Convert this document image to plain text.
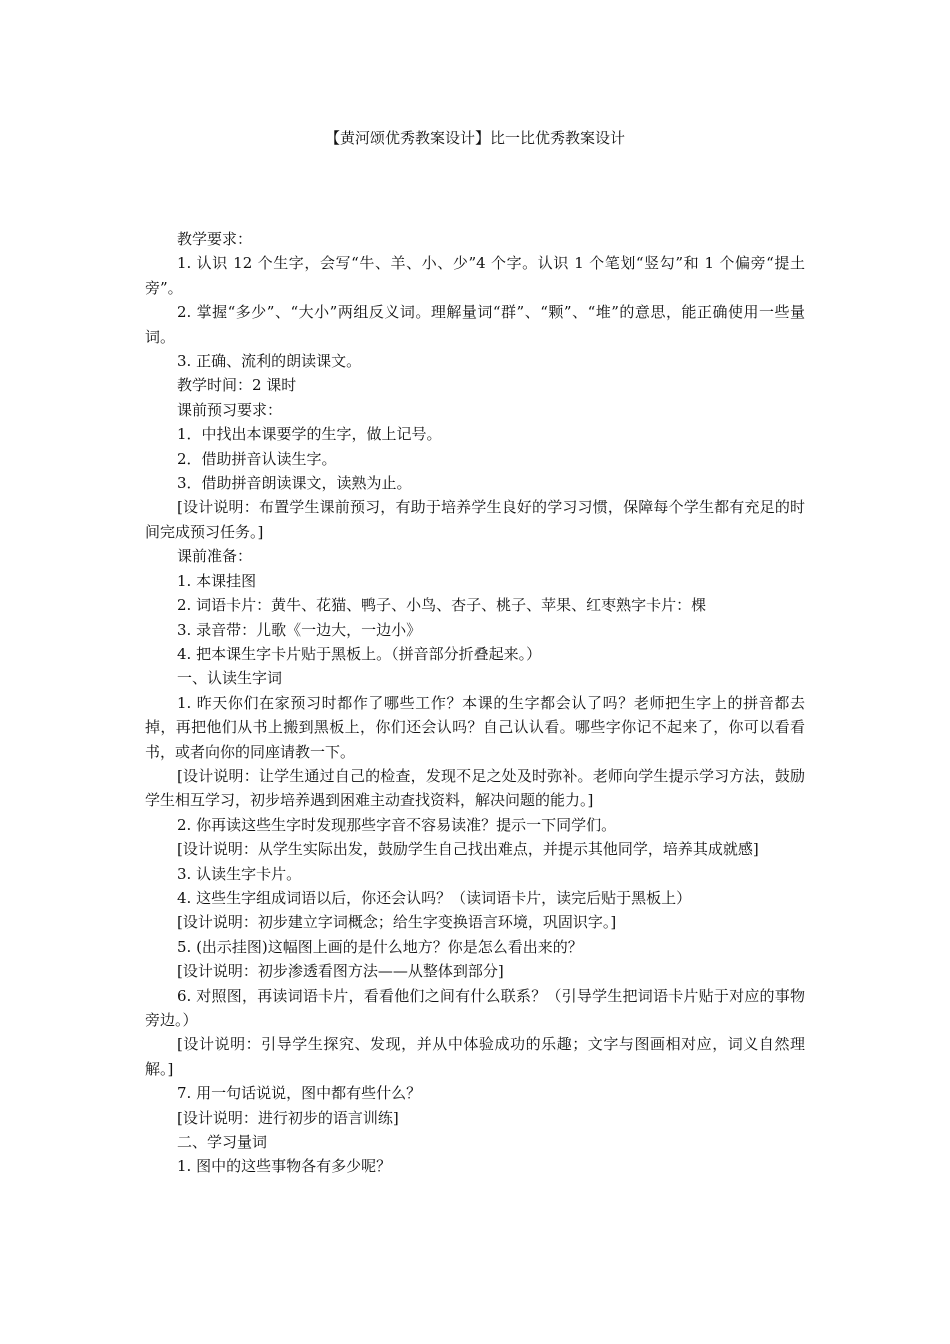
【黄河颂优秀教案设计】比一比优秀教案设计

教学要求：

1. 认识 12 个生字，会写“牛、羊、小、少”4 个字。认识 1 个笔划“竖勾”和 1 个偏旁“提土旁”。

2. 掌握“多少”、“大小”两组反义词。理解量词“群”、“颗”、“堆”的意思，能正确使用一些量词。

3. 正确、流利的朗读课文。

教学时间：2 课时

课前预习要求：

1．中找出本课要学的生字，做上记号。

2．借助拼音认读生字。

3．借助拼音朗读课文，读熟为止。

[设计说明：布置学生课前预习，有助于培养学生良好的学习习惯，保障每个学生都有充足的时间完成预习任务。]

课前准备：

1. 本课挂图

2. 词语卡片：黄牛、花猫、鸭子、小鸟、杏子、桃子、苹果、红枣熟字卡片：棵

3. 录音带：儿歌《一边大，一边小》

4. 把本课生字卡片贴于黑板上。（拼音部分折叠起来。）

一、认读生字词

1. 昨天你们在家预习时都作了哪些工作？本课的生字都会认了吗？老师把生字上的拼音都去掉，再把他们从书上搬到黑板上，你们还会认吗？自己认认看。哪些字你记不起来了，你可以看看书，或者向你的同座请教一下。

[设计说明：让学生通过自己的检查，发现不足之处及时弥补。老师向学生提示学习方法，鼓励学生相互学习，初步培养遇到困难主动查找资料，解决问题的能力。]

2. 你再读这些生字时发现那些字音不容易读准？提示一下同学们。

[设计说明：从学生实际出发，鼓励学生自己找出难点，并提示其他同学，培养其成就感]

3. 认读生字卡片。

4. 这些生字组成词语以后，你还会认吗？（读词语卡片，读完后贴于黑板上）

[设计说明：初步建立字词概念；给生字变换语言环境，巩固识字。]

5. (出示挂图)这幅图上画的是什么地方？你是怎么看出来的？

[设计说明：初步渗透看图方法——从整体到部分]

6. 对照图，再读词语卡片，看看他们之间有什么联系？（引导学生把词语卡片贴于对应的事物旁边。）

[设计说明：引导学生探究、发现，并从中体验成功的乐趣；文字与图画相对应，词义自然理解。]

7. 用一句话说说，图中都有些什么？

[设计说明：进行初步的语言训练]

二、学习量词

1. 图中的这些事物各有多少呢？
